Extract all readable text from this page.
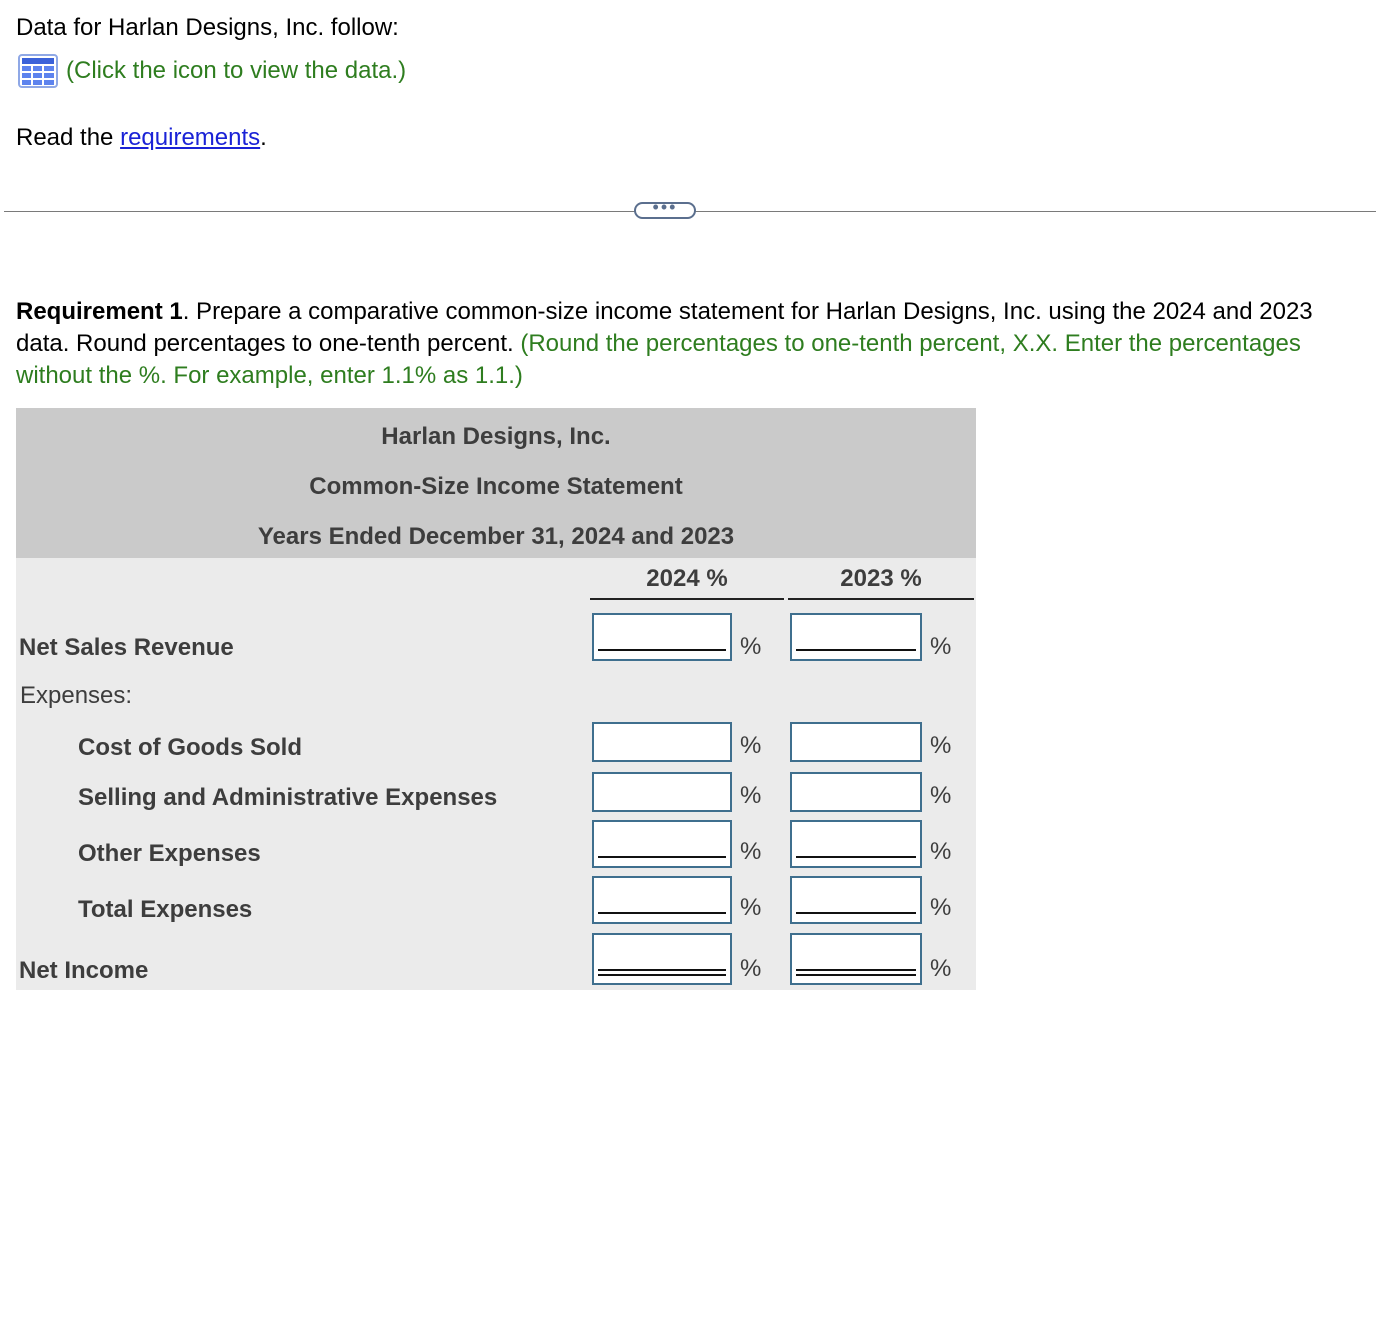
Data for Harlan Designs, Inc. follow:
(Click the icon to view the data.)
Read the requirements.
•••
Requirement 1. Prepare a comparative common-size income statement for Harlan Designs, Inc. using the 2024 and 2023 data. Round percentages to one-tenth percent. (Round the percentages to one-tenth percent, X.X. Enter the percentages without the %. For example, enter 1.1% as 1.1.)
Harlan Designs, Inc.
Common-Size Income Statement
Years Ended December 31, 2024 and 2023
2024 %	2023 %
Net Sales Revenue	%	%
Expenses:
Cost of Goods Sold	%	%
Selling and Administrative Expenses	%	%
Other Expenses	%	%
Total Expenses	%	%
Net Income	%	%
